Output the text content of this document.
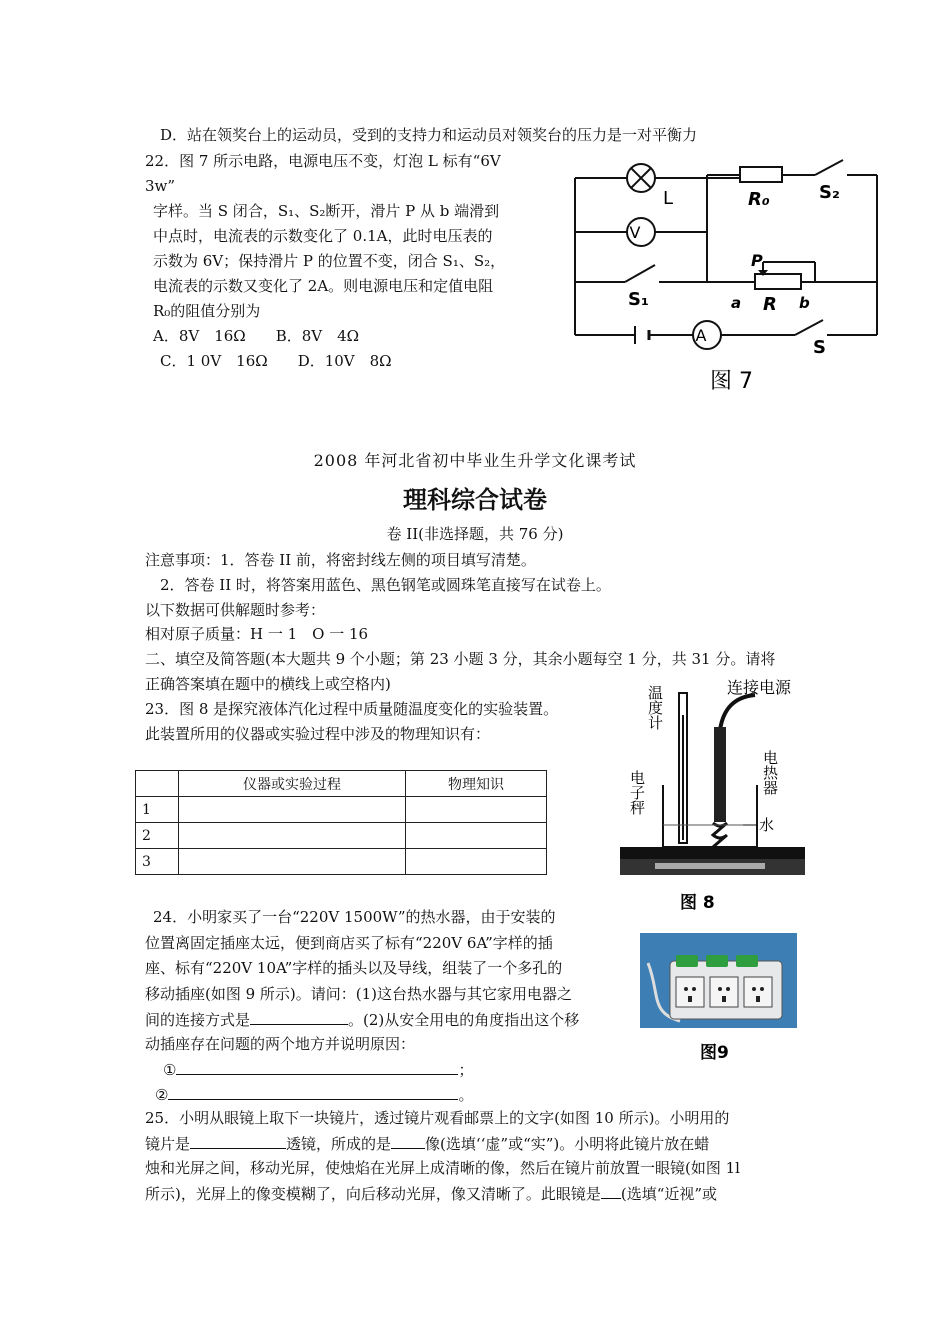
D．站在领奖台上的运动员，受到的支持力和运动员对领奖台的压力是一对平衡力
22．图 7 所示电路，电源电压不变，灯泡 L 标有“6V
3w”
字样。当 S 闭合，S₁、S₂断开，滑片 P 从 b 端滑到
中点时，电流表的示数变化了 0.1A，此时电压表的
示数为 6V；保持滑片 P 的位置不变，闭合 S₁、S₂，
电流表的示数又变化了 2A。则电源电压和定值电阻
R₀的阻值分别为
A．8V　16Ω　　B．8V　4Ω
C．1 0V　16Ω　　D．10V　8Ω
V
A
L	R₀	S₂
S₁
P
a R b
S
图 7
2008 年河北省初中毕业生升学文化课考试
理科综合试卷
卷 II(非选择题，共 76 分)
注意事项：1．答卷 II 前，将密封线左侧的项目填写清楚。
2．答卷 II 时，将答案用蓝色、黑色钢笔或圆珠笔直接写在试卷上。
以下数据可供解题时参考：
相对原子质量：H 一 1　O 一 16
二、填空及简答题(本大题共 9 个小题；第 23 小题 3 分，其余小题每空 1 分，共 31 分。请将
正确答案填在题中的横线上或空格内)
23．图 8 是探究液体汽化过程中质量随温度变化的实验装置。
此装置所用的仪器或实验过程中涉及的物理知识有：
	仪器或实验过程	物理知识
1		
2		
3		
连接电源
温度计
电热器
电子秤
水
图 8
24．小明家买了一台“220V 1500W”的热水器，由于安装的
位置离固定插座太远，便到商店买了标有“220V 6A”字样的插
座、标有“220V 10A”字样的插头以及导线，组装了一个多孔的
移动插座(如图 9 所示)。请问：(1)这台热水器与其它家用电器之
间的连接方式是	。(2)从安全用电的角度指出这个移
动插座存在问题的两个地方并说明原因：
①	；
②	。
图9
25．小明从眼镜上取下一块镜片，透过镜片观看邮票上的文字(如图 10 所示)。小明用的
镜片是	透镜，所成的是 像(选填‘‘虚”或“实”)。小明将此镜片放在蜡
烛和光屏之间，移动光屏，使烛焰在光屏上成清晰的像，然后在镜片前放置一眼镜(如图 1l
所示)，光屏上的像变模糊了，向后移动光屏，像又清晰了。此眼镜是 (选填“近视”或
